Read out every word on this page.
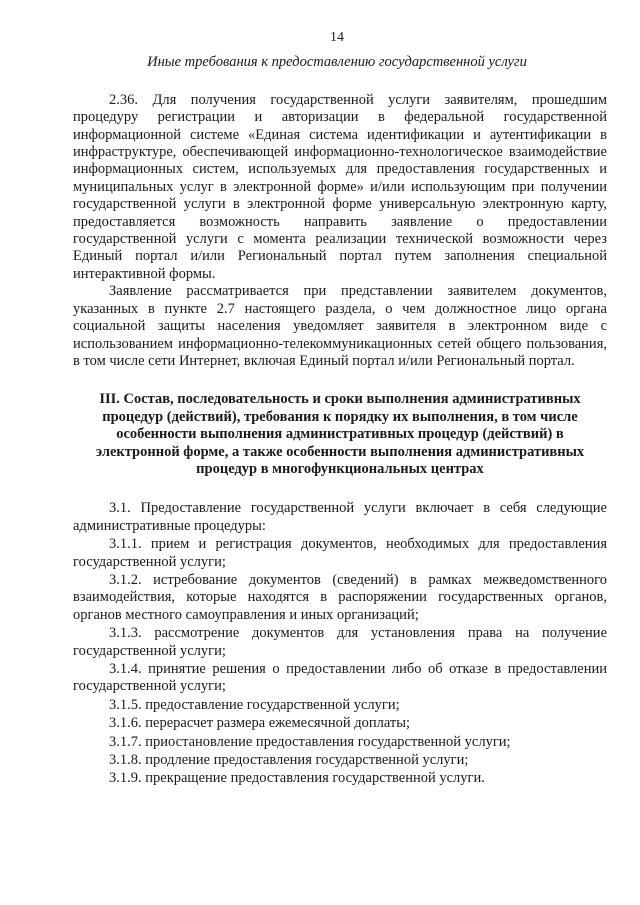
14
Иные требования к предоставлению государственной услуги

2.36. Для получения государственной услуги заявителям, прошедшим процедуру регистрации и авторизации в федеральной государственной информационной системе «Единая система идентификации и аутентификации в инфраструктуре, обеспечивающей информационно-технологическое взаимодействие информационных систем, используемых для предоставления государственных и муниципальных услуг в электронной форме» и/или использующим при получении государственной услуги в электронной форме универсальную электронную карту, предоставляется возможность направить заявление о предоставлении государственной услуги с момента реализации технической возможности через Единый портал и/или Региональный портал путем заполнения специальной интерактивной формы.

Заявление рассматривается при представлении заявителем документов, указанных в пункте 2.7 настоящего раздела, о чем должностное лицо органа социальной защиты населения уведомляет заявителя в электронном виде с использованием информационно-телекоммуникационных сетей общего пользования, в том числе сети Интернет, включая Единый портал и/или Региональный портал.

III. Состав, последовательность и сроки выполнения административных процедур (действий), требования к порядку их выполнения, в том числе особенности выполнения административных процедур (действий) в электронной форме, а также особенности выполнения административных процедур в многофункциональных центрах

3.1. Предоставление государственной услуги включает в себя следующие административные процедуры:

3.1.1. прием и регистрация документов, необходимых для предоставления государственной услуги;

3.1.2. истребование документов (сведений) в рамках межведомственного взаимодействия, которые находятся в распоряжении государственных органов, органов местного самоуправления и иных организаций;

3.1.3. рассмотрение документов для установления права на получение государственной услуги;

3.1.4. принятие решения о предоставлении либо об отказе в предоставлении государственной услуги;

3.1.5. предоставление государственной услуги;

3.1.6. перерасчет размера ежемесячной доплаты;

3.1.7. приостановление предоставления государственной услуги;

3.1.8. продление предоставления государственной услуги;

3.1.9. прекращение предоставления государственной услуги.
